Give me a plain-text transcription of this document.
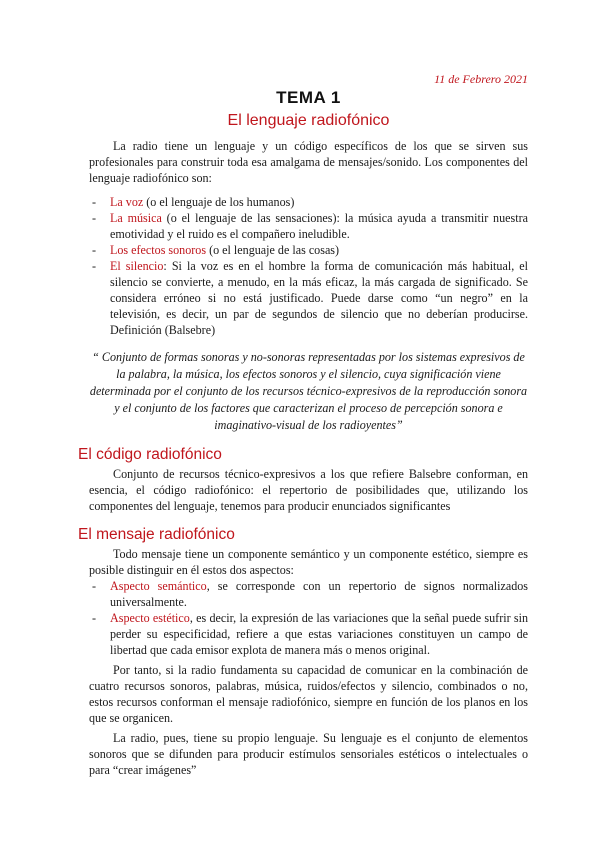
11 de Febrero 2021
TEMA 1
El lenguaje radiofónico

La radio tiene un lenguaje y un código específicos de los que se sirven sus profesionales para construir toda esa amalgama de mensajes/sonido. Los componentes del lenguaje radiofónico son:

- La voz (o el lenguaje de los humanos)
- La música (o el lenguaje de las sensaciones): la música ayuda a transmitir nuestra emotividad y el ruido es el compañero ineludible.
- Los efectos sonoros (o el lenguaje de las cosas)
- El silencio: Si la voz es en el hombre la forma de comunicación más habitual, el silencio se convierte, a menudo, en la más eficaz, la más cargada de significado. Se considera erróneo si no está justificado. Puede darse como “un negro” en la televisión, es decir, un par de segundos de silencio que no deberían producirse. Definición (Balsebre)

“ Conjunto de formas sonoras y no-sonoras representadas por los sistemas expresivos de la palabra, la música, los efectos sonoros y el silencio, cuya significación viene determinada por el conjunto de los recursos técnico-expresivos de la reproducción sonora y el conjunto de los factores que caracterizan el proceso de percepción sonora e imaginativo-visual de los radioyentes”

El código radiofónico

Conjunto de recursos técnico-expresivos a los que refiere Balsebre conforman, en esencia, el código radiofónico: el repertorio de posibilidades que, utilizando los componentes del lenguaje, tenemos para producir enunciados significantes

El mensaje radiofónico

Todo mensaje tiene un componente semántico y un componente estético, siempre es posible distinguir en él estos dos aspectos:

- Aspecto semántico, se corresponde con un repertorio de signos normalizados universalmente.
- Aspecto estético, es decir, la expresión de las variaciones que la señal puede sufrir sin perder su especificidad, refiere a que estas variaciones constituyen un campo de libertad que cada emisor explota de manera más o menos original.

Por tanto, si la radio fundamenta su capacidad de comunicar en la combinación de cuatro recursos sonoros, palabras, música, ruidos/efectos y silencio, combinados o no, estos recursos conforman el mensaje radiofónico, siempre en función de los planos en los que se organicen.

La radio, pues, tiene su propio lenguaje. Su lenguaje es el conjunto de elementos sonoros que se difunden para producir estímulos sensoriales estéticos o intelectuales o para “crear imágenes”
